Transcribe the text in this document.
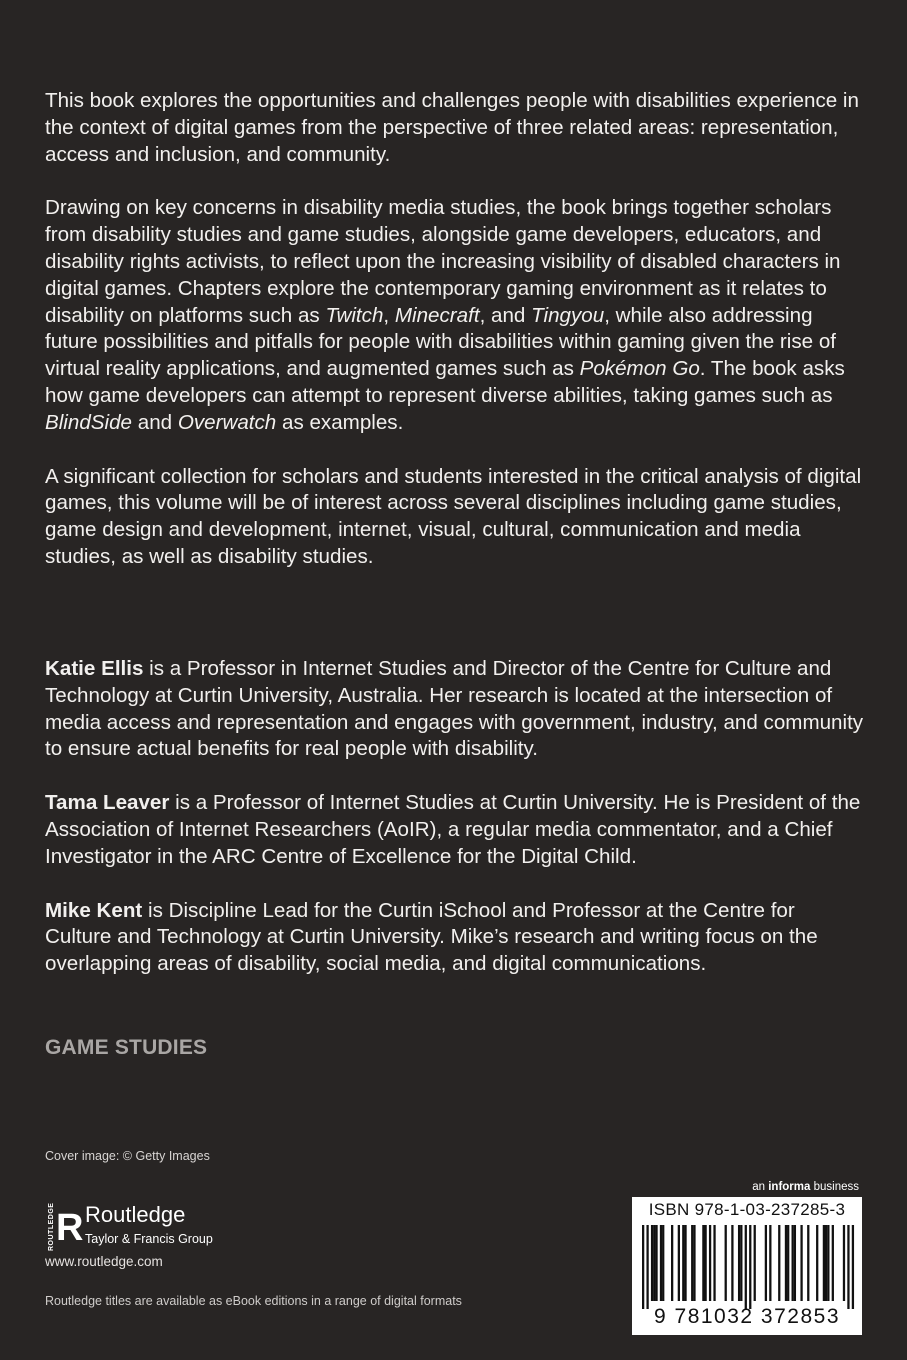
This book explores the opportunities and challenges people with disabilities experience in the context of digital games from the perspective of three related areas: representation, access and inclusion, and community.

Drawing on key concerns in disability media studies, the book brings together scholars from disability studies and game studies, alongside game developers, educators, and disability rights activists, to reflect upon the increasing visibility of disabled characters in digital games. Chapters explore the contemporary gaming environment as it relates to disability on platforms such as Twitch, Minecraft, and Tingyou, while also addressing future possibilities and pitfalls for people with disabilities within gaming given the rise of virtual reality applications, and augmented games such as Pokémon Go. The book asks how game developers can attempt to represent diverse abilities, taking games such as BlindSide and Overwatch as examples.

A significant collection for scholars and students interested in the critical analysis of digital games, this volume will be of interest across several disciplines including game studies, game design and development, internet, visual, cultural, communication and media studies, as well as disability studies.

Katie Ellis is a Professor in Internet Studies and Director of the Centre for Culture and Technology at Curtin University, Australia. Her research is located at the intersection of media access and representation and engages with government, industry, and community to ensure actual benefits for real people with disability.

Tama Leaver is a Professor of Internet Studies at Curtin University. He is President of the Association of Internet Researchers (AoIR), a regular media commentator, and a Chief Investigator in the ARC Centre of Excellence for the Digital Child.

Mike Kent is Discipline Lead for the Curtin iSchool and Professor at the Centre for Culture and Technology at Curtin University. Mike’s research and writing focus on the overlapping areas of disability, social media, and digital communications.

GAME STUDIES
Cover image: © Getty Images
ROUTLEDGE R Routledge
Taylor & Francis Group
www.routledge.com
Routledge titles are available as eBook editions in a range of digital formats
an informa business
ISBN 978-1-03-237285-3
9 781032 372853
